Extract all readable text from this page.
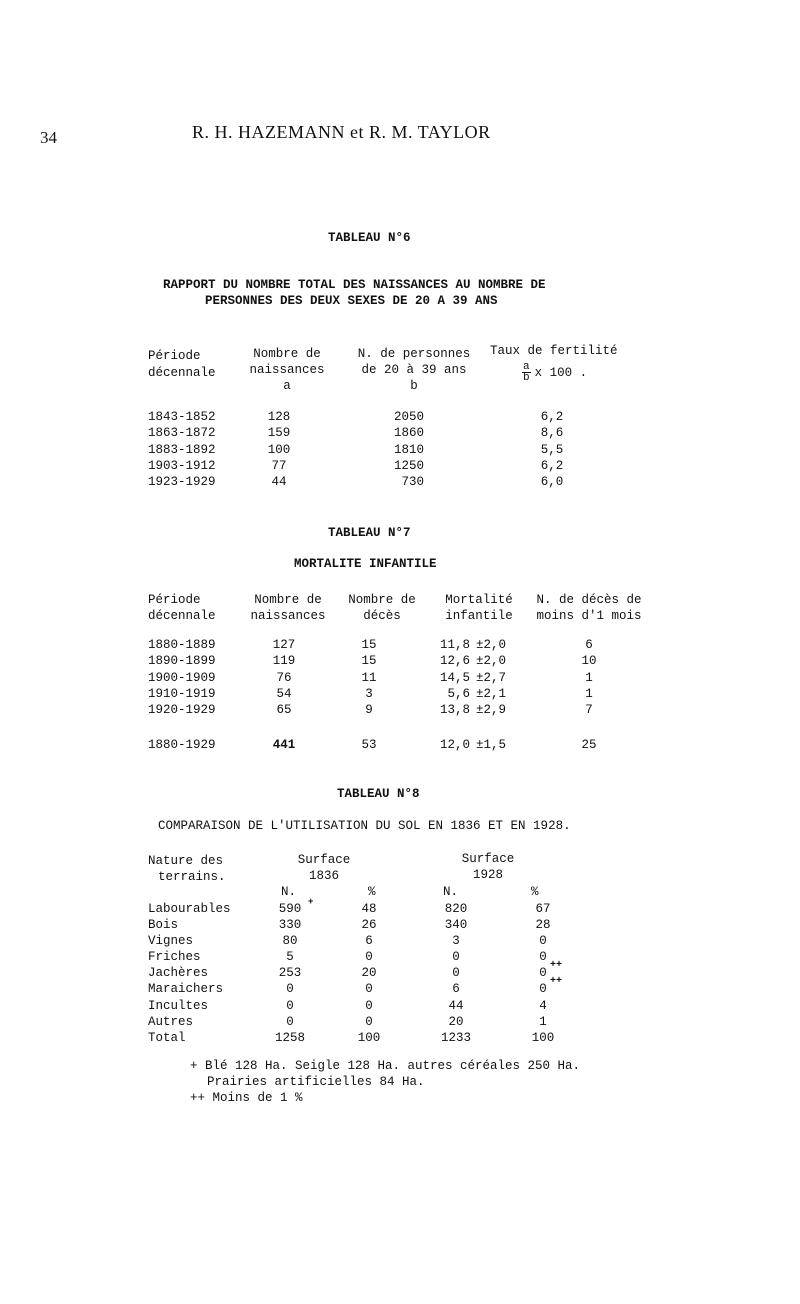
34	R. H. HAZEMANN et R. M. TAYLOR
TABLEAU N°6
RAPPORT DU NOMBRE TOTAL DES NAISSANCES AU NOMBRE DE
PERSONNES DES DEUX SEXES DE 20 A 39 ANS
Période
décennale
Nombre de
naissances
a
N. de personnes
de 20 à 39 ans
b
Taux de fertilité
$\frac{a}{b}$ x 100 .
1843-1852	128	2050	6,2
1863-1872	159	1860	8,6
1883-1892	100	1810	5,5
1903-1912	77	1250	6,2
1923-1929	44	730	6,0
TABLEAU N°7
MORTALITE INFANTILE
Période
décennale
Nombre de
naissances
Nombre de
décès
Mortalité
infantile
N. de décès de
moins d'1 mois
1880-1889	127	15	11,8 ±2,0	6
1890-1899	119	15	12,6 ±2,0	10
1900-1909	76	11	14,5 ±2,7	1
1910-1919	54	3	5,6 ±2,1	1
1920-1929	65	9	13,8 ±2,9	7
1880-1929	441	53	12,0 ±1,5	25
TABLEAU N°8
COMPARAISON DE L'UTILISATION DU SOL EN 1836 ET EN 1928.
Nature des
terrains.
Surface
1836
Surface
1928
N.	%	N.	%
Labourables	590 +	48	820	67
Bois	330	26	340	28
Vignes	80	6	3	0
Friches	5	0	0	0
Jachères	253	20	0	0
++
Maraichers	0	0	6	0
++
Incultes	0	0	44	4
Autres	0	0	20	1
Total	1258	100	1233	100
+ Blé 128 Ha. Seigle 128 Ha. autres céréales 250 Ha.
Prairies artificielles 84 Ha.
++ Moins de 1 %
